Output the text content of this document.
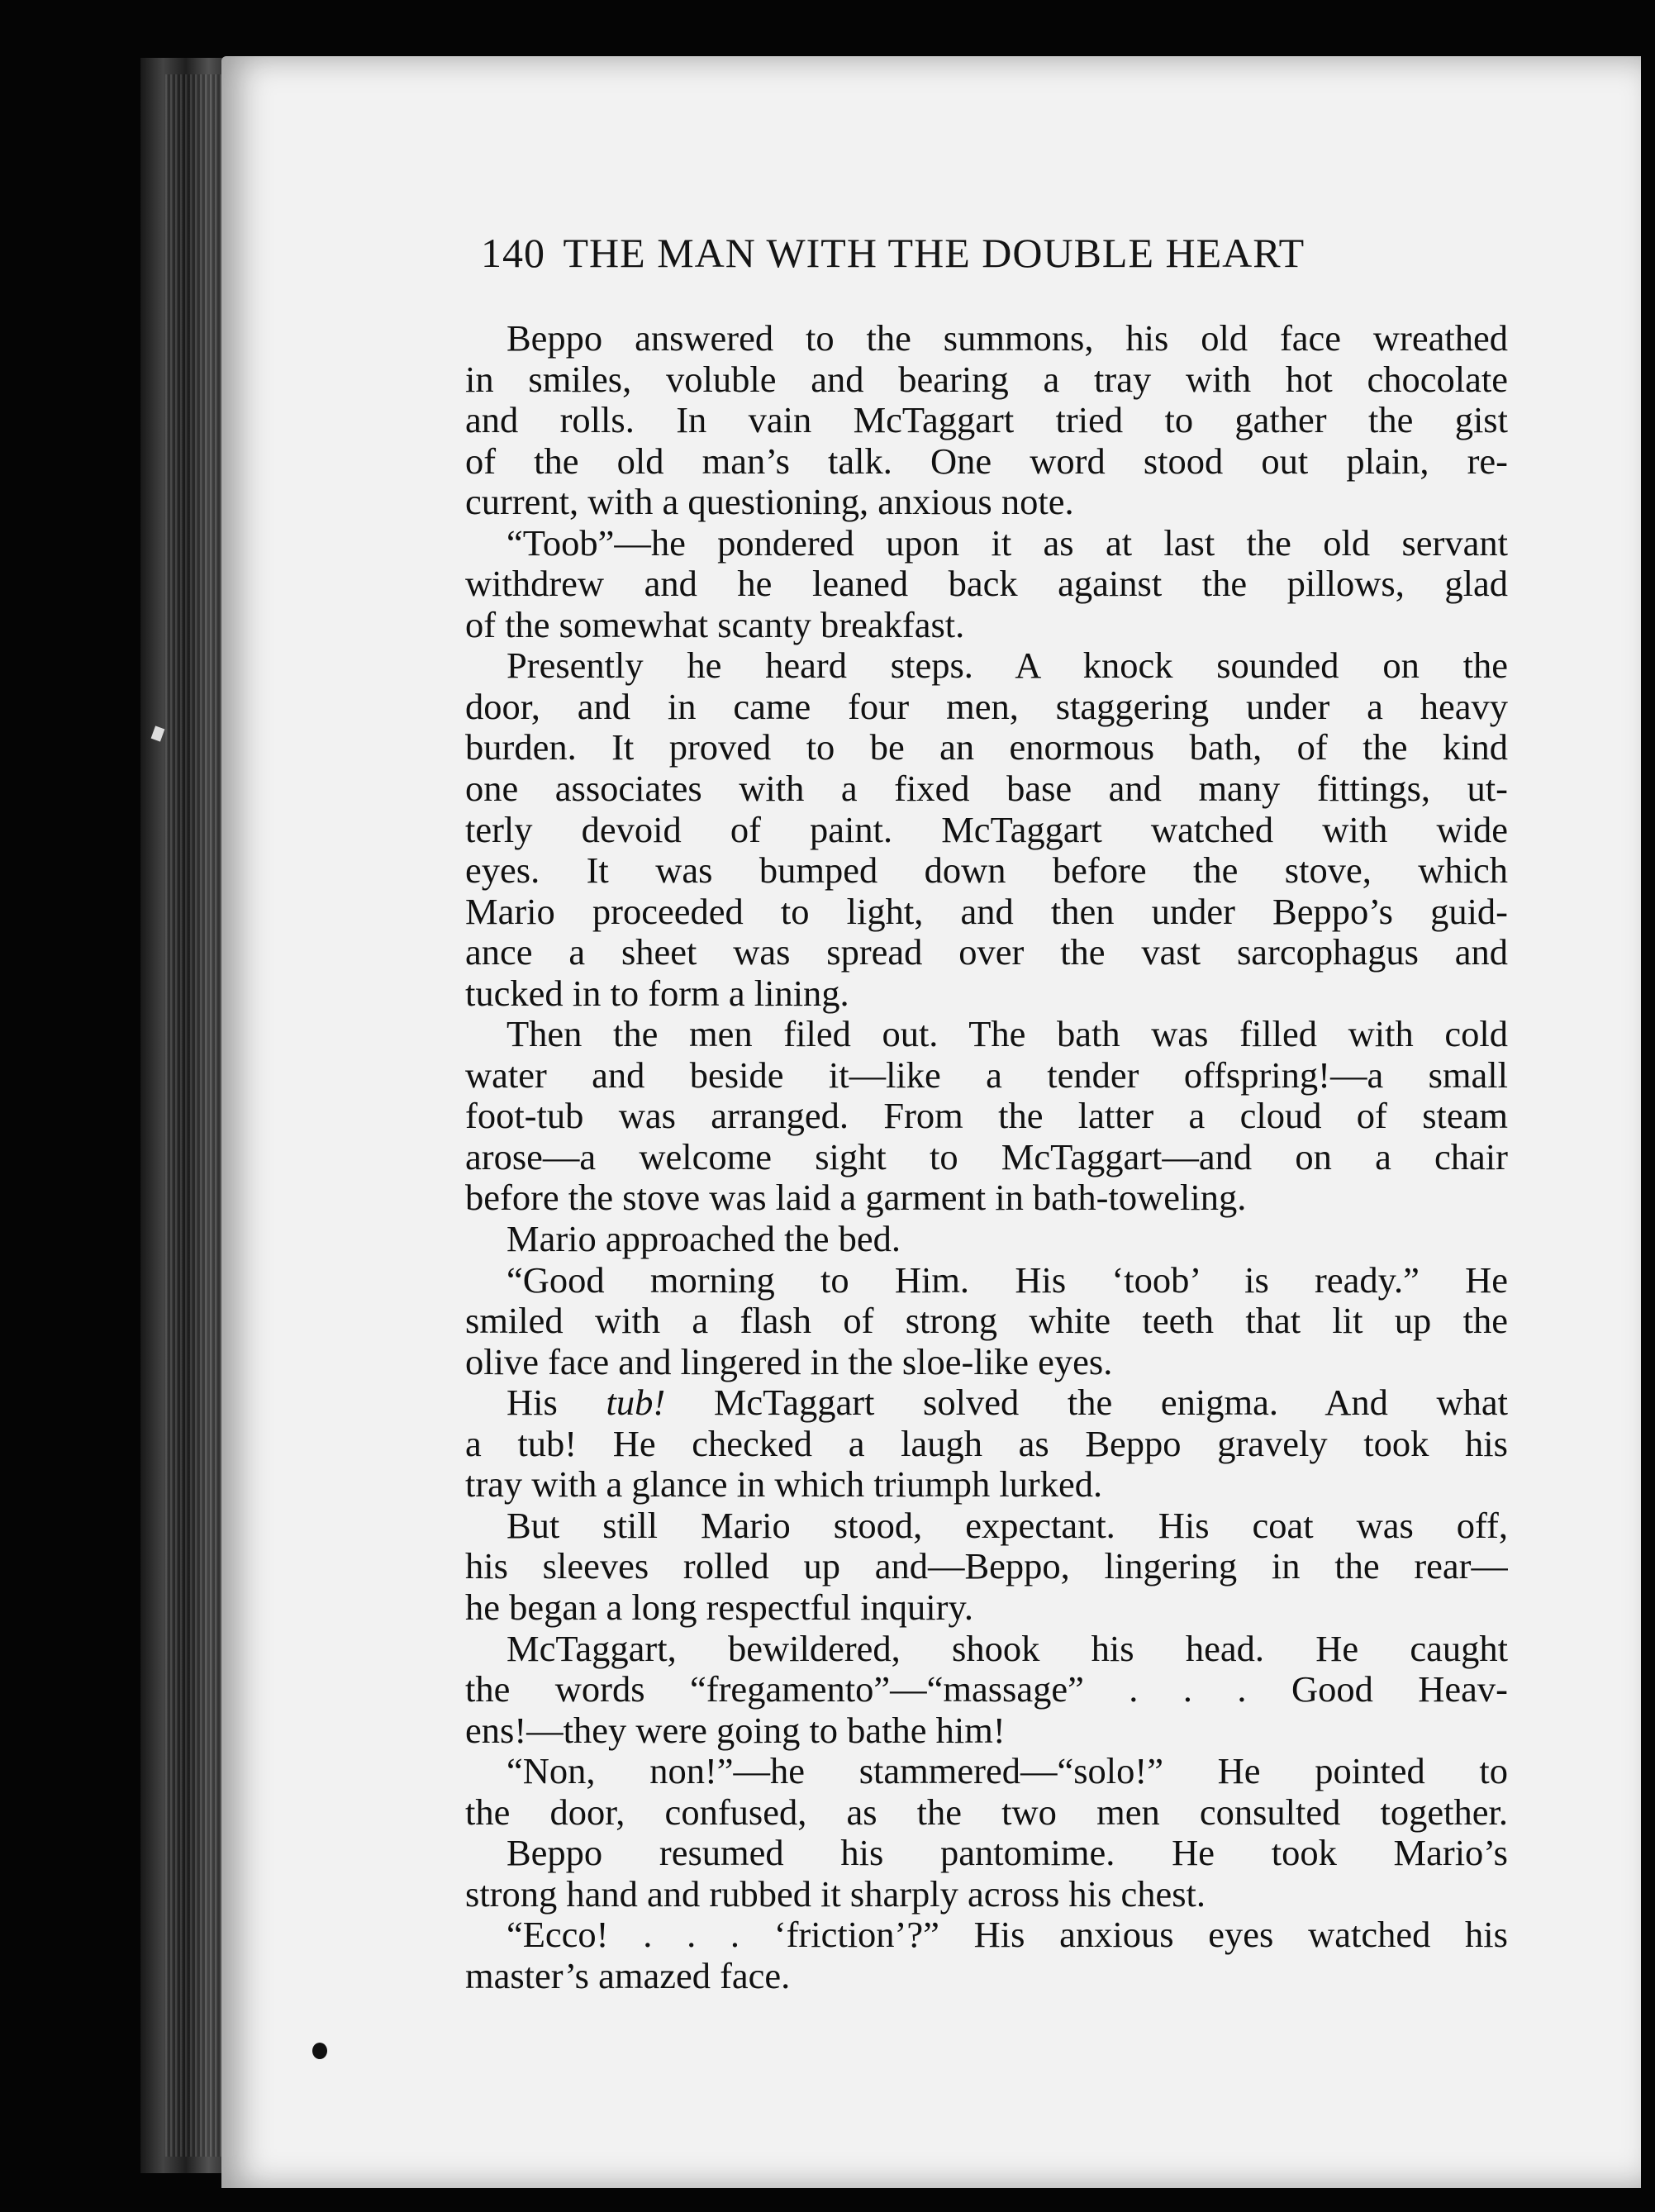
140 THE MAN WITH THE DOUBLE HEART
Beppo answered to the summons, his old face wreathed
in smiles, voluble and bearing a tray with hot chocolate
and rolls. In vain McTaggart tried to gather the gist
of the old man’s talk. One word stood out plain, re-
current, with a questioning, anxious note.
“Toob”—he pondered upon it as at last the old servant
withdrew and he leaned back against the pillows, glad
of the somewhat scanty breakfast.
Presently he heard steps. A knock sounded on the
door, and in came four men, staggering under a heavy
burden. It proved to be an enormous bath, of the kind
one associates with a fixed base and many fittings, ut-
terly devoid of paint. McTaggart watched with wide
eyes. It was bumped down before the stove, which
Mario proceeded to light, and then under Beppo’s guid-
ance a sheet was spread over the vast sarcophagus and
tucked in to form a lining.
Then the men filed out. The bath was filled with cold
water and beside it—like a tender offspring!—a small
foot-tub was arranged. From the latter a cloud of steam
arose—a welcome sight to McTaggart—and on a chair
before the stove was laid a garment in bath-toweling.
Mario approached the bed.
“Good morning to Him. His ‘toob’ is ready.” He
smiled with a flash of strong white teeth that lit up the
olive face and lingered in the sloe-like eyes.
His tub! McTaggart solved the enigma. And what
a tub! He checked a laugh as Beppo gravely took his
tray with a glance in which triumph lurked.
But still Mario stood, expectant. His coat was off,
his sleeves rolled up and—Beppo, lingering in the rear—
he began a long respectful inquiry.
McTaggart, bewildered, shook his head. He caught
the words “fregamento”—“massage” . . . Good Heav-
ens!—they were going to bathe him!
“Non, non!”—he stammered—“solo!” He pointed to
the door, confused, as the two men consulted together.
Beppo resumed his pantomime. He took Mario’s
strong hand and rubbed it sharply across his chest.
“Ecco! . . . ‘friction’?” His anxious eyes watched his
master’s amazed face.
